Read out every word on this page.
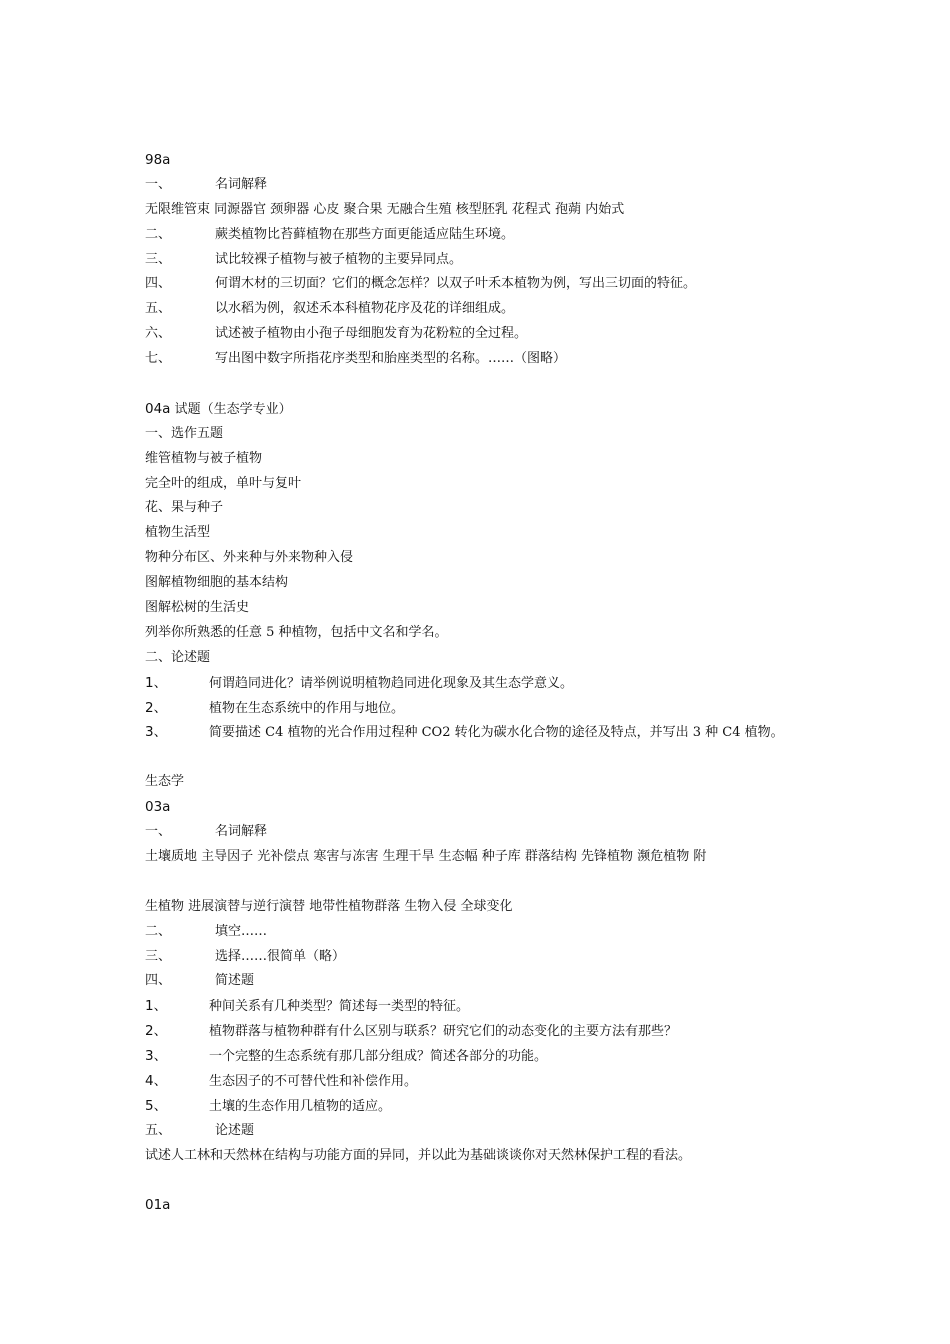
98a
一、	名词解释
无限维管束 同源器官 颈卵器 心皮 聚合果 无融合生殖 核型胚乳 花程式 孢蒴 内始式
二、	蕨类植物比苔藓植物在那些方面更能适应陆生环境。
三、	试比较裸子植物与被子植物的主要异同点。
四、	何谓木材的三切面？它们的概念怎样？以双子叶禾本植物为例，写出三切面的特征。
五、	以水稻为例，叙述禾本科植物花序及花的详细组成。
六、	试述被子植物由小孢子母细胞发育为花粉粒的全过程。
七、	写出图中数字所指花序类型和胎座类型的名称。……（图略）
04a 试题（生态学专业）
一、选作五题
维管植物与被子植物
完全叶的组成，单叶与复叶
花、果与种子
植物生活型
物种分布区、外来种与外来物种入侵
图解植物细胞的基本结构
图解松树的生活史
列举你所熟悉的任意 5 种植物，包括中文名和学名。
二、论述题
1、	何谓趋同进化？请举例说明植物趋同进化现象及其生态学意义。
2、	植物在生态系统中的作用与地位。
3、	简要描述 C4 植物的光合作用过程种 CO2 转化为碳水化合物的途径及特点，并写出 3 种 C4 植物。
生态学
03a
一、	名词解释
土壤质地 主导因子 光补偿点 寒害与冻害 生理干旱 生态幅 种子库 群落结构 先锋植物 濒危植物 附
生植物 进展演替与逆行演替 地带性植物群落 生物入侵 全球变化
二、	填空……
三、	选择……很简单（略）
四、	简述题
1、	种间关系有几种类型？简述每一类型的特征。
2、	植物群落与植物种群有什么区别与联系？研究它们的动态变化的主要方法有那些？
3、	一个完整的生态系统有那几部分组成？简述各部分的功能。
4、	生态因子的不可替代性和补偿作用。
5、	土壤的生态作用几植物的适应。
五、	论述题
试述人工林和天然林在结构与功能方面的异同，并以此为基础谈谈你对天然林保护工程的看法。
01a
